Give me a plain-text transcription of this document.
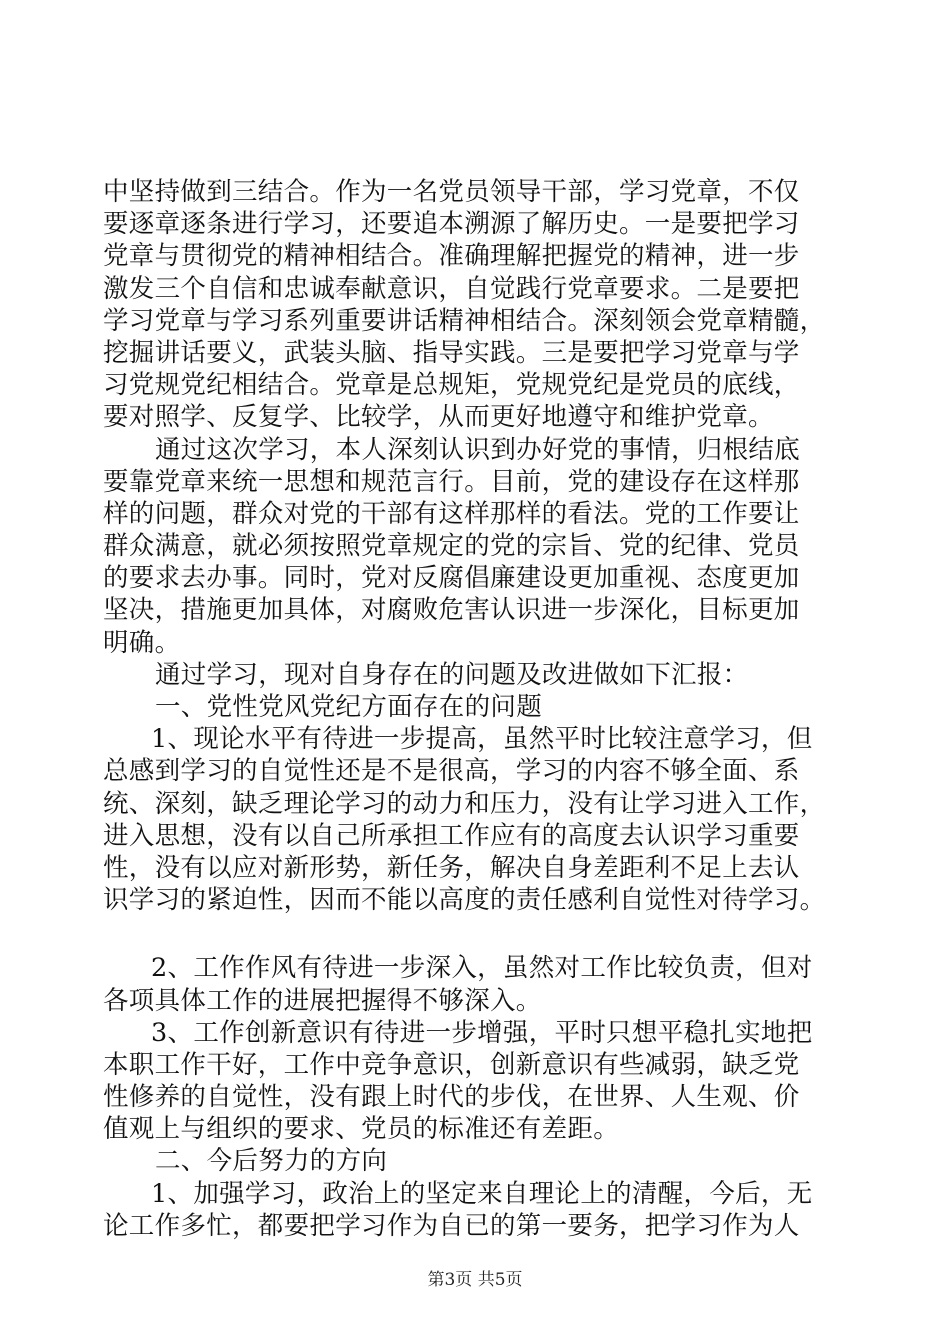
中坚持做到三结合。作为一名党员领导干部，学习党章，不仅
要逐章逐条进行学习，还要追本溯源了解历史。一是要把学习
党章与贯彻党的精神相结合。准确理解把握党的精神，进一步
激发三个自信和忠诚奉献意识，自觉践行党章要求。二是要把
学习党章与学习系列重要讲话精神相结合。深刻领会党章精髓，
挖掘讲话要义，武装头脑、指导实践。三是要把学习党章与学
习党规党纪相结合。党章是总规矩，党规党纪是党员的底线，
要对照学、反复学、比较学，从而更好地遵守和维护党章。
通过这次学习，本人深刻认识到办好党的事情，归根结底
要靠党章来统一思想和规范言行。目前，党的建设存在这样那
样的问题，群众对党的干部有这样那样的看法。党的工作要让
群众满意，就必须按照党章规定的党的宗旨、党的纪律、党员
的要求去办事。同时，党对反腐倡廉建设更加重视、态度更加
坚决，措施更加具体，对腐败危害认识进一步深化，目标更加
明确。
通过学习，现对自身存在的问题及改进做如下汇报：
一、党性党风党纪方面存在的问题
1、现论水平有待进一步提高，虽然平时比较注意学习，但
总感到学习的自觉性还是不是很高，学习的内容不够全面、系
统、深刻，缺乏理论学习的动力和压力，没有让学习进入工作，
进入思想，没有以自己所承担工作应有的高度去认识学习重要
性，没有以应对新形势，新任务，解决自身差距利不足上去认
识学习的紧迫性，因而不能以高度的责任感利自觉性对待学习。
2、工作作风有待进一步深入，虽然对工作比较负责，但对
各项具体工作的进展把握得不够深入。
3、工作创新意识有待进一步增强，平时只想平稳扎实地把
本职工作干好，工作中竞争意识，创新意识有些减弱，缺乏党
性修养的自觉性，没有跟上时代的步伐，在世界、人生观、价
值观上与组织的要求、党员的标准还有差距。
二、今后努力的方向
1、加强学习，政治上的坚定来自理论上的清醒，今后，无
论工作多忙，都要把学习作为自已的第一要务，把学习作为人
第3页 共5页
